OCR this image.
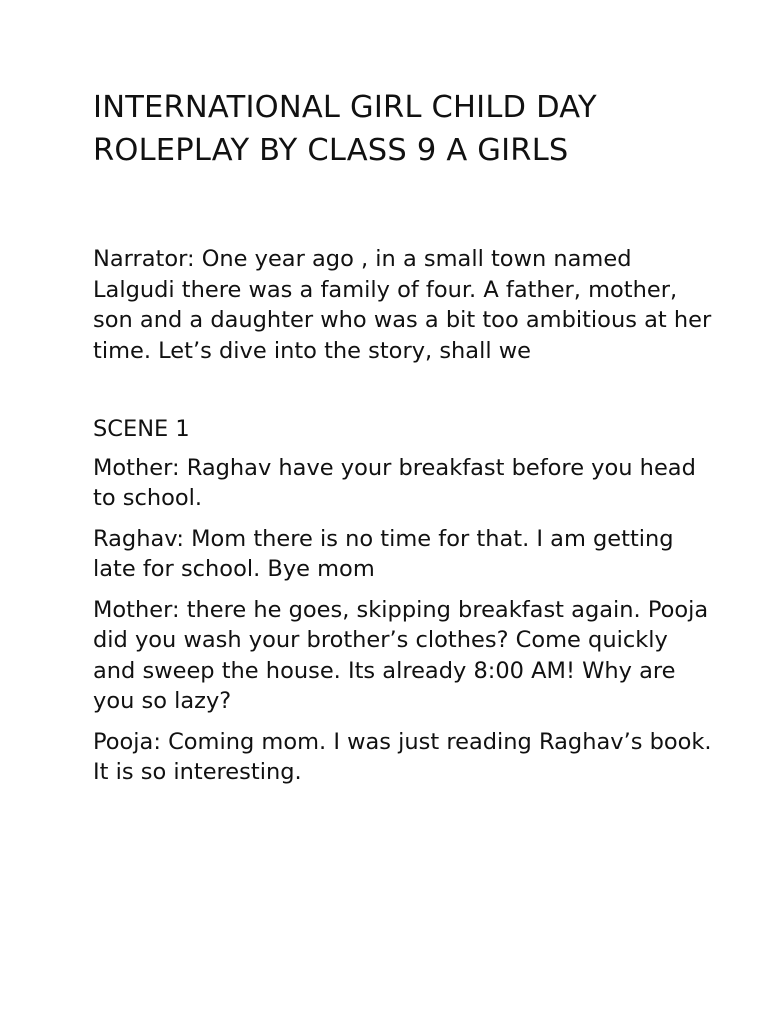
INTERNATIONAL GIRL CHILD DAY ROLEPLAY BY CLASS 9 A GIRLS

Narrator: One year ago , in a small town named Lalgudi there was a family of four. A father, mother, son and a daughter who was a bit too ambitious at her time. Let’s dive into the story, shall we

SCENE 1

Mother: Raghav have your breakfast before you head to school.

Raghav: Mom there is no time for that. I am getting late for school. Bye mom

Mother: there he goes, skipping breakfast again. Pooja did you wash your brother’s clothes? Come quickly and sweep the house. Its already 8:00 AM! Why are you so lazy?

Pooja: Coming mom. I was just reading Raghav’s book. It is so interesting.
